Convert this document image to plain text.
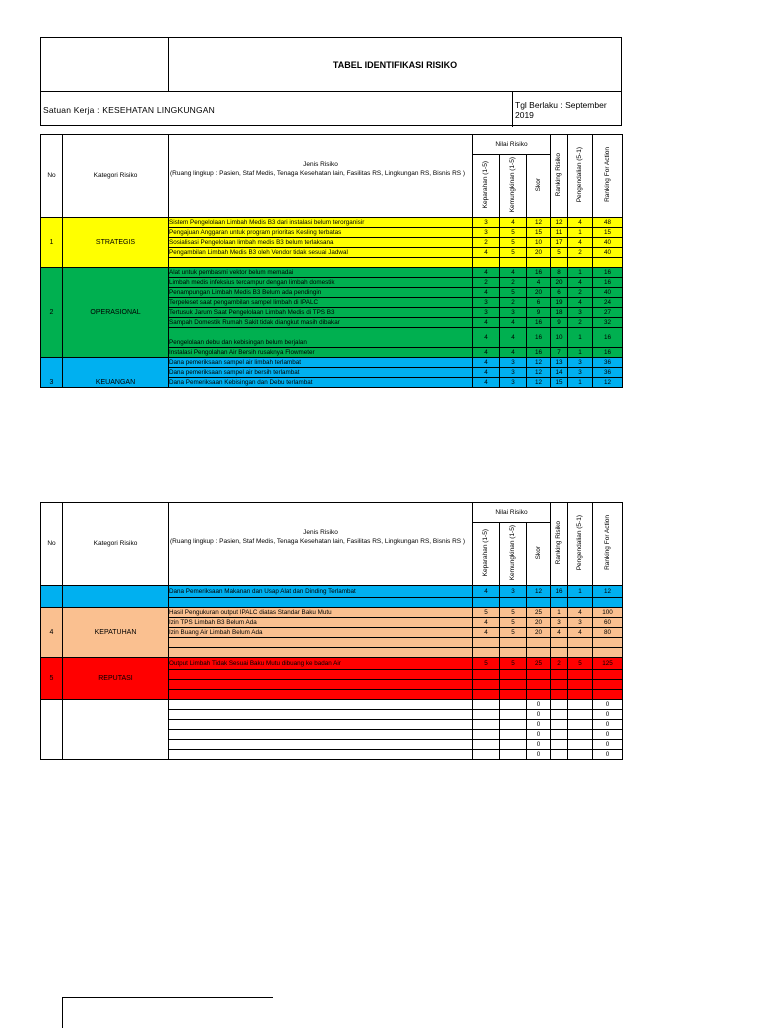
TABEL IDENTIFIKASI RISIKO
Satuan Kerja : KESEHATAN LINGKUNGAN	Tgl Berlaku : September 2019
No	Kategori Risiko	Jenis Risiko
(Ruang lingkup : Pasien, Staf Medis, Tenaga Kesehatan lain, Fasilitas RS, Lingkungan RS, Bisnis RS )	Nilai Risiko			Ranking Risiko	Pengendalian (5-1)	Ranking For Action
			Keparahan (1-5)	Kemungkinan (1-5)	Skor			
1	STRATEGIS	Sistem Pengelolaan Limbah Medis B3 dari instalasi belum terorganisir	3	4	12	12	4	48
		Pengajuan Anggaran untuk program prioritas Kesling terbatas	3	5	15	11	1	15
		Sosialisasi Pengelolaan limbah medis B3 belum terlaksana	2	5	10	17	4	40
		Pengambilan Limbah Medis B3 oleh Vendor tidak sesuai Jadwal	4	5	20	5	2	40

2	OPERASIONAL	Alat untuk pembasmi vektor belum memadai	4	4	16	8	1	16
		Limbah medis infeksius tercampur dengan limbah domestik	2	2	4	20	4	16
		Penampungan Limbah Medis B3 Belum ada pendingin	4	5	20	6	2	40
		Terpeleset saat pengambilan sampel limbah di IPALC	3	2	6	19	4	24
		Tertusuk Jarum Saat Pengelolaan Limbah Medis di TPS B3	3	3	9	18	3	27
		Sampah Domestik Rumah Sakit tidak diangkut masih dibakar	4	4	16	9	2	32
		Pengelolaan debu dan kebisingan belum berjalan	4	4	16	10	1	16
		Instalasi Pengolahan Air Bersih rusaknya Flowmeter	4	4	16	7	1	16
3	KEUANGAN	Dana pemeriksaan sampel air limbah terlambat	4	3	12	13	3	36
		Dana pemeriksaan sampel air bersih terlambat	4	3	12	14	3	36
		Dana Pemeriksaan Kebisingan dan Debu terlambat	4	3	12	15	1	12
No	Kategori Risiko	Jenis Risiko
(Ruang lingkup : Pasien, Staf Medis, Tenaga Kesehatan lain, Fasilitas RS, Lingkungan RS, Bisnis RS )	Nilai Risiko			Ranking Risiko	Pengendalian (5-1)	Ranking For Action
			Keparahan (1-5)	Kemungkinan (1-5)	Skor			
		Dana Pemeriksaan Makanan dan Usap Alat dan Dinding Terlambat	4	3	12	16	1	12

4	KEPATUHAN	Hasil Pengukuran output IPALC diatas Standar Baku Mutu	5	5	25	1	4	100
		Izin TPS Limbah B3 Belum Ada	4	5	20	3	3	60
		Izin Buang Air Limbah Belum Ada	4	5	20	4	4	80

5	REPUTASI	Output Limbah Tidak Sesuai Baku Mutu dibuang ke badan Air	5	5	25	2	5	125

					0			0
					0			0
					0			0
					0			0
					0			0
					0			0
